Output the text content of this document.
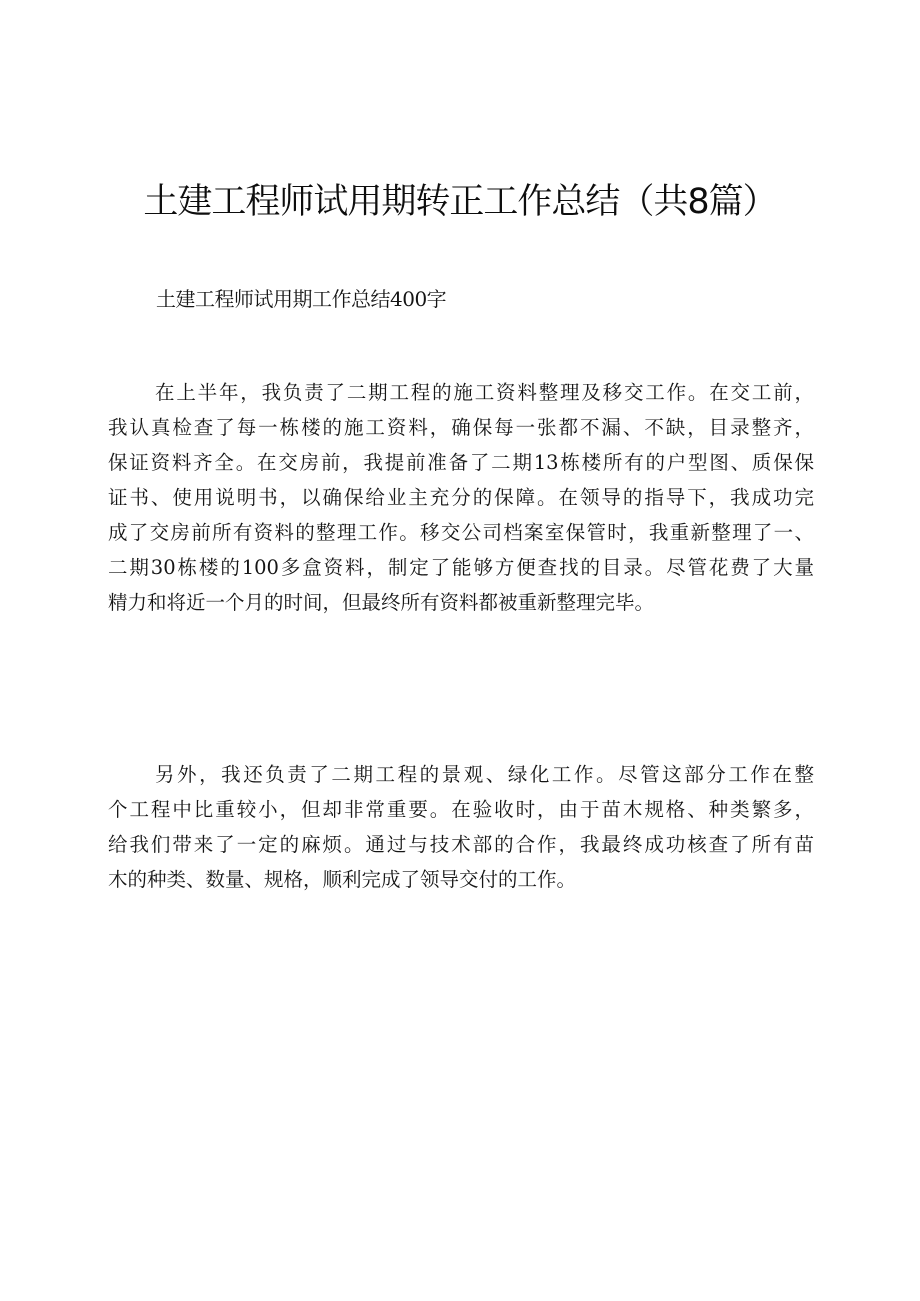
土建工程师试用期转正工作总结（共8篇）

土建工程师试用期工作总结400字

在上半年，我负责了二期工程的施工资料整理及移交工作。在交工前，
我认真检查了每一栋楼的施工资料，确保每一张都不漏、不缺，目录整齐，
保证资料齐全。在交房前，我提前准备了二期13栋楼所有的户型图、质保保
证书、使用说明书，以确保给业主充分的保障。在领导的指导下，我成功完
成了交房前所有资料的整理工作。移交公司档案室保管时，我重新整理了一、
二期30栋楼的100多盒资料，制定了能够方便查找的目录。尽管花费了大量
精力和将近一个月的时间，但最终所有资料都被重新整理完毕。
另外，我还负责了二期工程的景观、绿化工作。尽管这部分工作在整
个工程中比重较小，但却非常重要。在验收时，由于苗木规格、种类繁多，
给我们带来了一定的麻烦。通过与技术部的合作，我最终成功核查了所有苗
木的种类、数量、规格，顺利完成了领导交付的工作。
